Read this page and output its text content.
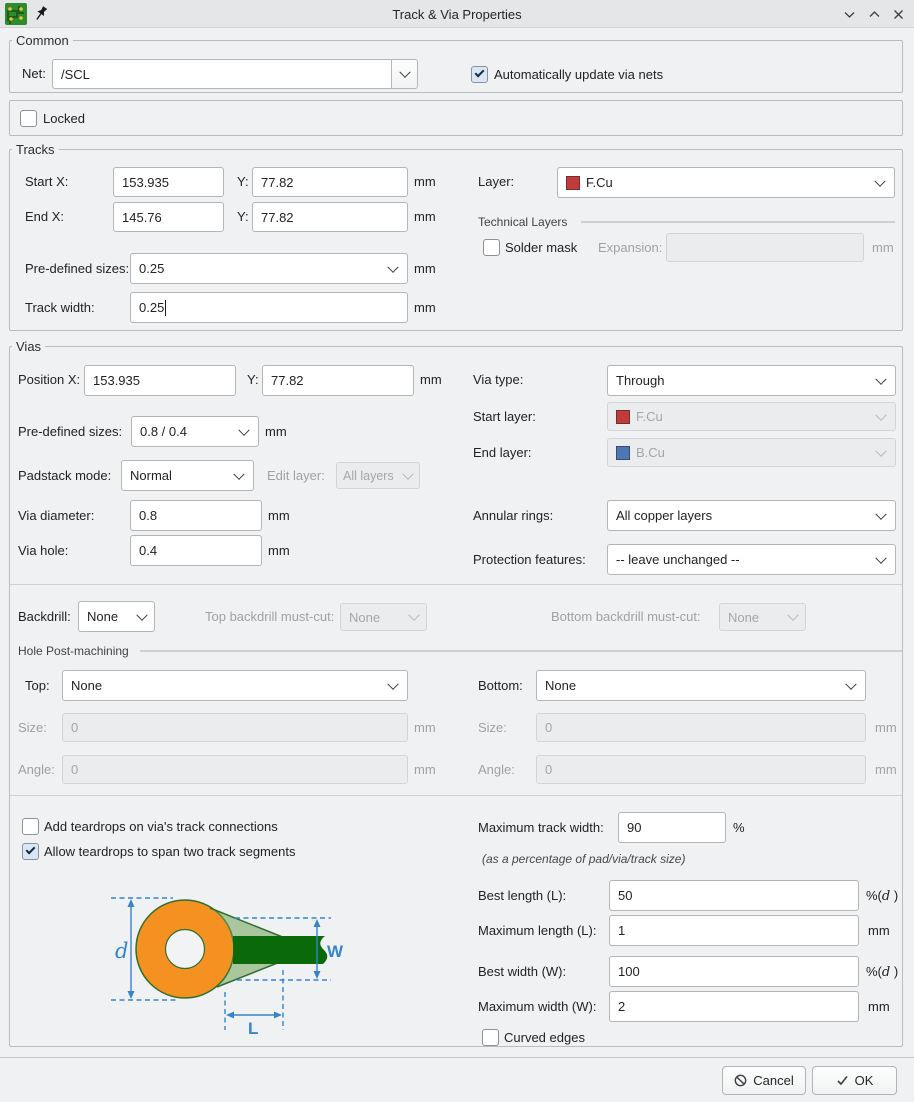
Track & Via Properties
Common
Net: /SCL	Automatically update via nets
Locked
Tracks
Start X:	153.935	Y: 77.82	mm	Layer:	F.Cu
End X:	145.76	Y: 77.82	mm	Technical Layers
Solder mask Expansion:	mm
Pre-defined sizes: 0.25	mm
Track width:	0.25	mm
Vias
Position X: 153.935	Y: 77.82	mm Via type:	Through
Start layer:	F.Cu
Pre-defined sizes: 0.8 / 0.4	mm
End layer:	B.Cu
Padstack mode: Normal	Edit layer: All layers
Via diameter:	0.8	mm	Annular rings:	All copper layers
Via hole:	0.4	mm
Protection features: -- leave unchanged --
Backdrill: None	Top backdrill must-cut: None	Bottom backdrill must-cut: None
Hole Post-machining
Top: None	Bottom: None
Size: 0	mm	Size:	0	mm
Angle: 0	mm	Angle: 0	mm
Add teardrops on via's track connections
Allow teardrops to span two track segments
d	W
L
Maximum track width: 90	%
(as a percentage of pad/via/track size)
Best length (L):	50	%(d )
Maximum length (L): 1	mm
Best width (W):	100	%(d )
Maximum width (W): 2	mm
Curved edges
Cancel	OK
